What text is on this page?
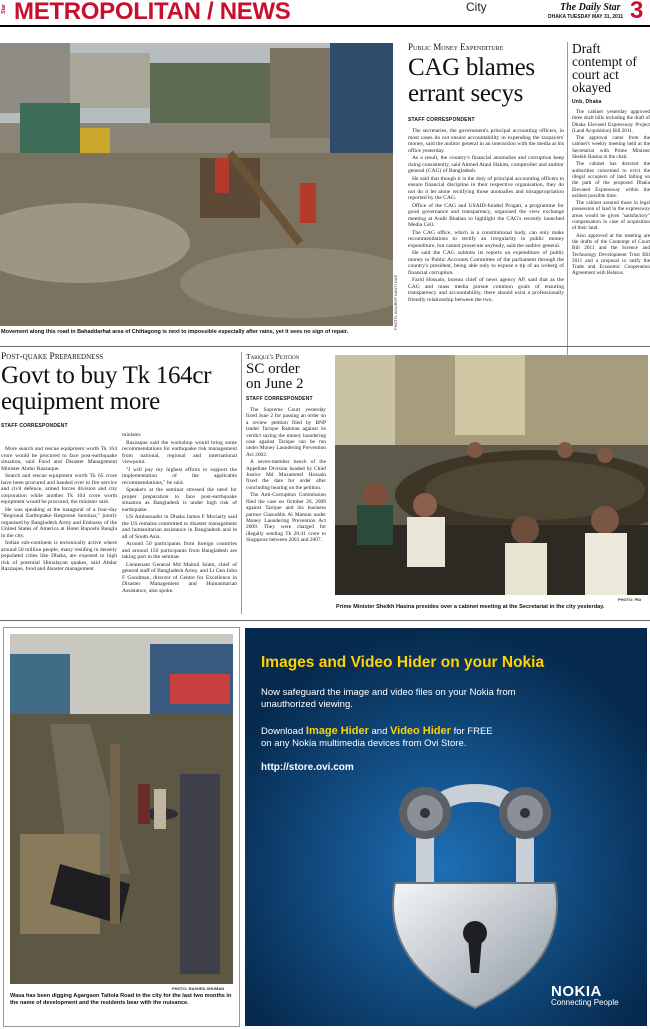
Star METROPOLITAN / NEWS	City	The Daily Star
DHAKA TUESDAY MAY 31, 2011 3
PHOTO: ANURUP KANTI DAS
Movement along this road in Bahaddarhat area of Chittagong is next to impossible especially after rains, yet it sees no sign of repair.
Public Money Expenditure
CAG blames
errant secys
STAFF CORRESPONDENT

The secretaries, the government's principal accounting officers, in most cases do not ensure accountability in expending the taxpayers' money, said the auditor general in an interaction with the media at his office yesterday.

As a result, the country's financial anomalies and corruption keep rising consistently, said Ahmed Ataul Hakim, comptroller and auditor general (CAG) of Bangladesh.

He said that though it is the duty of principal accounting officers to ensure financial discipline in their respective organisation, they do not do it let alone rectifying those anomalies and misappropriation reported by the CAG.

Office of the CAG and USAID-funded Progati, a programme for good governance and transparency, organised the view exchange meeting at Audit Bhaban to highlight the CAG's recently launched Media Cell.

The CAG office, which is a constitutional body, can only make recommendations to rectify an irregularity in public money expenditure, but cannot prosecute anybody, said the auditor general.

He said the CAG submits its reports on expenditure of public money to Public Accounts Committee of the parliament through the country's president, being able only to expose a tip of an iceberg of financial corruption.

Farid Hossain, bureau chief of news agency AP, said that as the CAG and mass media pursue common goals of ensuring transparency and accountability, there should exist a professionally friendly relationship between the two.

Draft contempt of court act okayed
Unb, Dhaka

The cabinet yesterday approved three draft bills including the draft of Dhaka Elevated Expressway Project (Land Acquisition) Bill 2011.

The approval came from the cabinet's weekly meeting held at the Secretariat with Prime Minister Sheikh Hasina in the chair.

The cabinet has directed the authorities concerned to evict the illegal occupiers of land falling on the path of the proposed Dhaka Elevated Expressway within the earliest possible time.

The cabinet assured those in legal possession of land in the expressway areas would be given "satisfactory" compensation in case of acquisition of their land.

Also approved at the meeting are the drafts of the Contempt of Court Bill 2011 and the Science and Technology Development Trust Bill 2011 and a proposal to ratify the Trade and Economic Cooperation Agreement with Belarus.

Post-quake Preparedness
Govt to buy Tk 164cr
equipment more
STAFF CORRESPONDENT

More search and rescue equipment worth Tk 164 crore would be procured to face post-earthquake situation, said Food and Disaster Management Minister Abdur Razzaque.

Search and rescue equipment worth Tk 65 crore have been procured and handed over to fire service and civil defence, armed forces division and city corporation while another Tk 164 crore worth equipment would be procured, the minister said.

He was speaking at the inaugural of a four-day "Regional Earthquake Response Seminar," jointly organised by Bangladesh Army and Embassy of the United States of America at Hotel Ruposhi Bangla in the city.

Indian sub-continent is tectonically active where around 50 million people, many residing in densely populated cities like Dhaka, are exposed to high risk of potential Himalayan quakes, said Abdur Razzaque, food and disaster management

minister.

Razzaque said the workshop would bring some recommendations for earthquake risk management from national, regional and international viewpoint.

"I will pay my highest efforts to support the implementation of the applicable recommendations," he said.

Speakers at the seminar stressed the need for proper preparation to face post-earthquake situation as Bangladesh is under high risk of earthquake.

US Ambassador in Dhaka James F Moriarty said the US remains committed to disaster management and humanitarian assistance in Bangladesh and in all of South Asia.

Around 50 participants from foreign countries and around 150 participants from Bangladesh are taking part in the seminar.

Lieutenant General Md Mainul Islam, chief of general staff of Bangladesh Army, and Lt Gen John F Goodman, director of Centre for Excellence in Disaster Management and Humanitarian Assistance, also spoke.

Tarique's Petition
SC order
on June 2
STAFF CORRESPONDENT

The Supreme Court yesterday fixed June 2 for passing an order on a review petition filed by BNP leader Tarique Rahman against its verdict saying the money laundering case against Tarique can be run under Money Laundering Prevention Act 2002.

A seven-member bench of the Appellate Division headed by Chief Justice Md Muzammel Hossain fixed the date for order after concluding hearing on the petition.

The Anti-Corruption Commission filed the case on October 26, 2009 against Tarique and his business partner Giasuddin Al Mamun under Money Laundering Prevention Act 2009. They were charged for illegally sending Tk 20.41 crore to Singapore between 2003 and 2007.

PHOTO: PID
Prime Minister Sheikh Hasina presides over a cabinet meeting at the Secretariat in the city yesterday.
PHOTO: RASHED SHUMAN
Wasa has been digging Agargaon Taltola Road in the city for the last two months in the name of development and the residents bear with the nuisance.
Images and Video Hider on your Nokia
Now safeguard the image and video files on your Nokia from unauthorized viewing.
Download Image Hider and Video Hider for FREE
on any Nokia multimedia devices from Ovi Store.
http://store.ovi.com
NOKIA
Connecting People
